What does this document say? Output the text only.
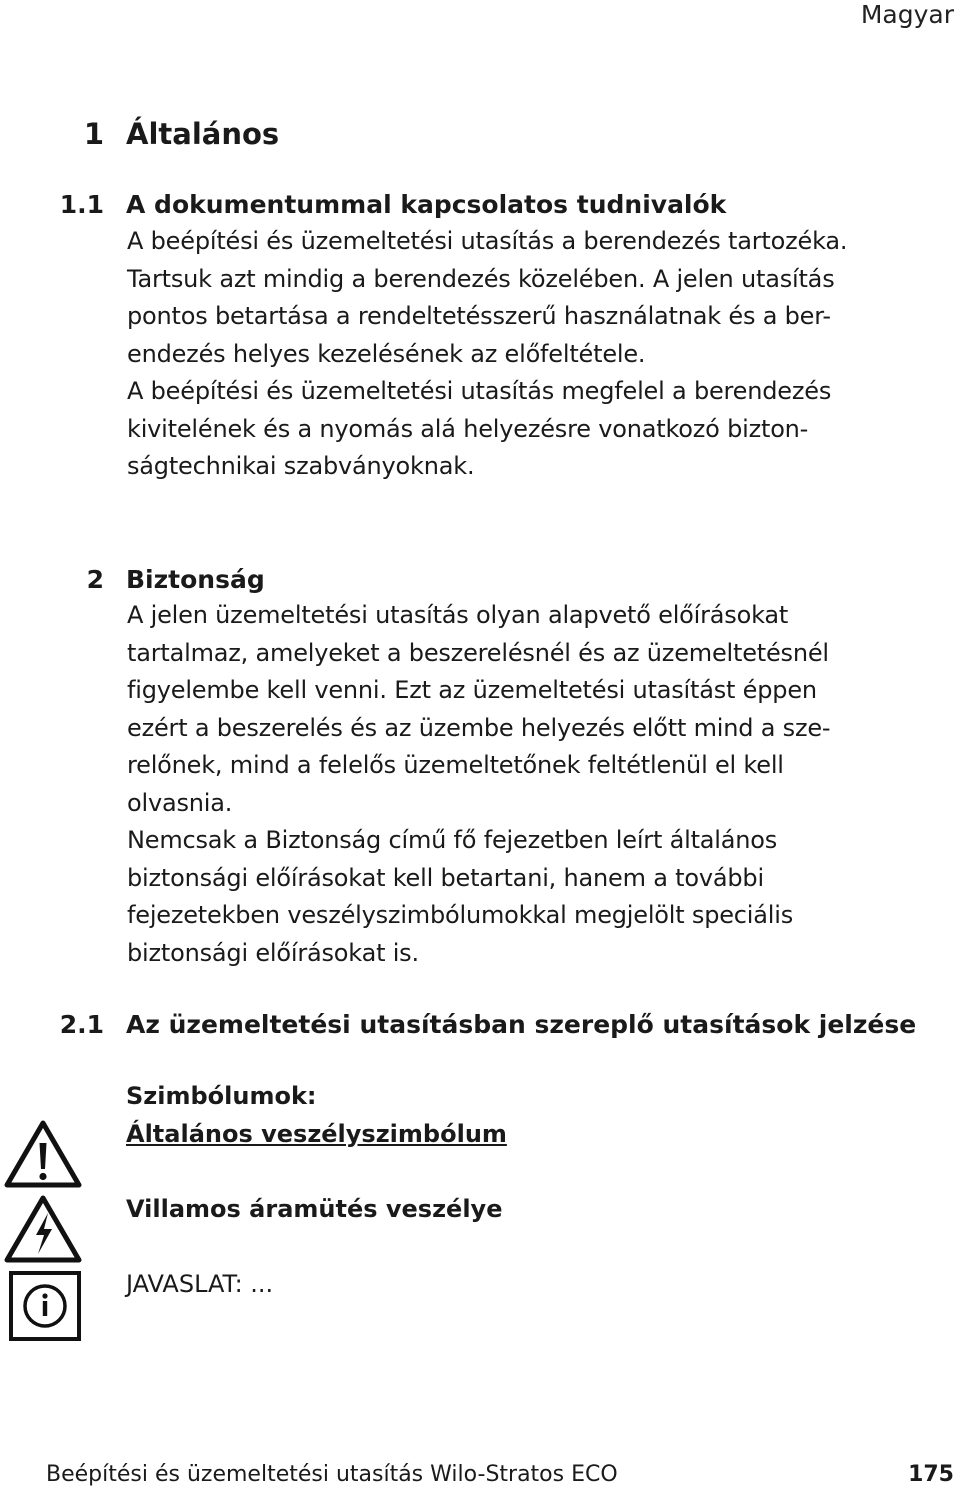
Magyar
1 Általános
1.1 A dokumentummal kapcsolatos tudnivalók

A beépítési és üzemeltetési utasítás a berendezés tartozéka.

Tartsuk azt mindig a berendezés közelében. A jelen utasítás

pontos betartása a rendeltetésszerű használatnak és a ber-

endezés helyes kezelésének az előfeltétele.

A beépítési és üzemeltetési utasítás megfelel a berendezés

kivitelének és a nyomás alá helyezésre vonatkozó bizton-

ságtechnikai szabványoknak.

2 Biztonság

A jelen üzemeltetési utasítás olyan alapvető előírásokat

tartalmaz, amelyeket a beszerelésnél és az üzemeltetésnél

figyelembe kell venni. Ezt az üzemeltetési utasítást éppen

ezért a beszerelés és az üzembe helyezés előtt mind a sze-

relőnek, mind a felelős üzemeltetőnek feltétlenül el kell

olvasnia.

Nemcsak a Biztonság című fő fejezetben leírt általános

biztonsági előírásokat kell betartani, hanem a további

fejezetekben veszélyszimbólumokkal megjelölt speciális

biztonsági előírásokat is.

2.1 Az üzemeltetési utasításban szereplő utasítások jelzése
Szimbólumok:
Általános veszélyszimbólum
Villamos áramütés veszélye
JAVASLAT: ...
Beépítési és üzemeltetési utasítás Wilo-Stratos ECO	175
